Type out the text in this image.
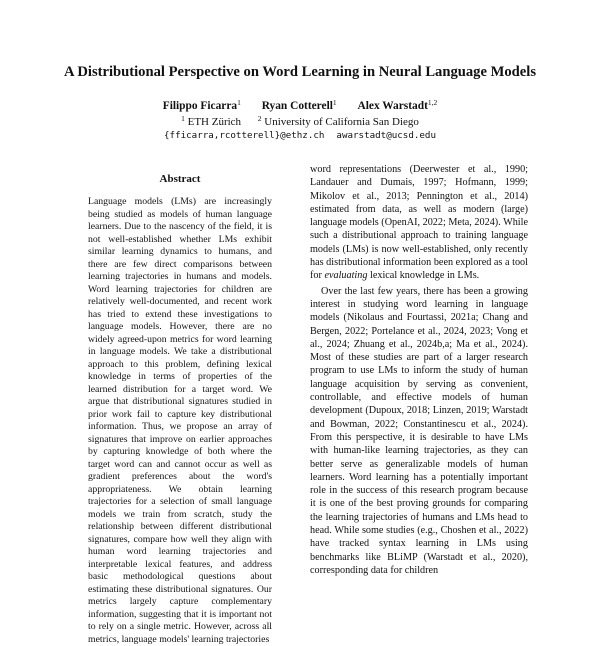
A Distributional Perspective on Word Learning in Neural Language Models
Filippo Ficarra$^1$ Ryan Cotterell$^1$ Alex Warstadt$^{1,2}$
$^1$ ETH Zürich $^2$ University of California San Diego
{fficarra,rcotterell}@ethz.ch awarstadt@ucsd.edu
Abstract

Language models (LMs) are increasingly being studied as models of human language learners. Due to the nascency of the field, it is not well-established whether LMs exhibit similar learning dynamics to humans, and there are few direct comparisons between learning trajectories in humans and models. Word learning trajectories for children are relatively well-documented, and recent work has tried to extend these investigations to language models. However, there are no widely agreed-upon metrics for word learning in language models. We take a distributional approach to this problem, defining lexical knowledge in terms of properties of the learned distribution for a target word. We argue that distributional signatures studied in prior work fail to capture key distributional information. Thus, we propose an array of signatures that improve on earlier approaches by capturing knowledge of both where the target word can and cannot occur as well as gradient preferences about the word's appropriateness. We obtain learning trajectories for a selection of small language models we train from scratch, study the relationship between different distributional signatures, compare how well they align with human word learning trajectories and interpretable lexical features, and address basic methodological questions about estimating these distributional signatures. Our metrics largely capture complementary information, suggesting that it is important not to rely on a single metric. However, across all metrics, language models' learning trajectories

word representations (Deerwester et al., 1990; Landauer and Dumais, 1997; Hofmann, 1999; Mikolov et al., 2013; Pennington et al., 2014) estimated from data, as well as modern (large) language models (OpenAI, 2022; Meta, 2024). While such a distributional approach to training language models (LMs) is now well-established, only recently has distributional information been explored as a tool for evaluating lexical knowledge in LMs.

Over the last few years, there has been a growing interest in studying word learning in language models (Nikolaus and Fourtassi, 2021a; Chang and Bergen, 2022; Portelance et al., 2024, 2023; Vong et al., 2024; Zhuang et al., 2024b,a; Ma et al., 2024). Most of these studies are part of a larger research program to use LMs to inform the study of human language acquisition by serving as convenient, controllable, and effective models of human development (Dupoux, 2018; Linzen, 2019; Warstadt and Bowman, 2022; Constantinescu et al., 2024). From this perspective, it is desirable to have LMs with human-like learning trajectories, as they can better serve as generalizable models of human learners. Word learning has a potentially important role in the success of this research program because it is one of the best proving grounds for comparing the learning trajectories of humans and LMs head to head. While some studies (e.g., Choshen et al., 2022) have tracked syntax learning in LMs using benchmarks like BLiMP (Warstadt et al., 2020), corresponding data for children
